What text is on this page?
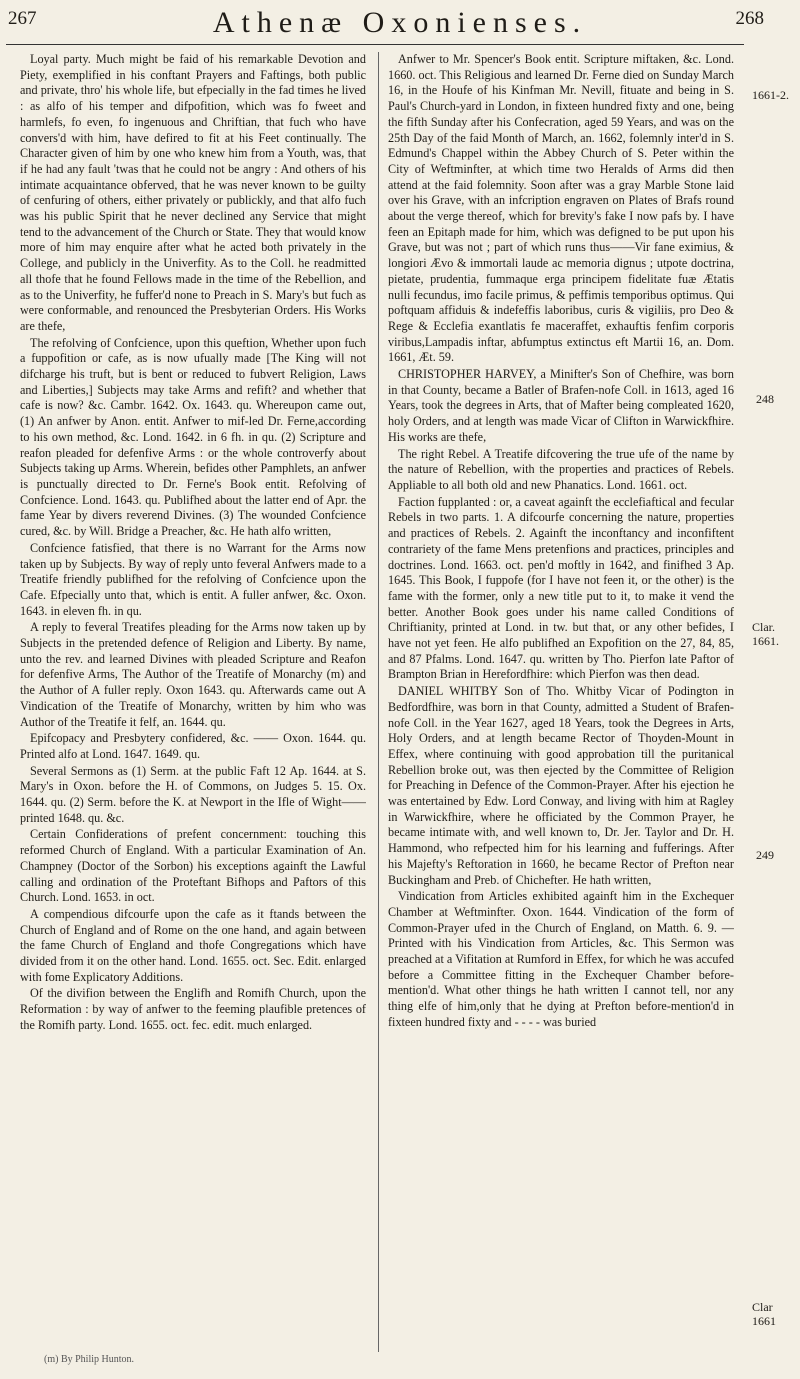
267	Athenæ Oxonienses.	268

Loyal party. Much might be faid of his remarkable Devotion and Piety, exemplified in his conftant Prayers and Faftings, both public and private, thro' his whole life, but efpecially in the fad times he lived : as alfo of his temper and difpofition, which was fo fweet and harmlefs, fo even, fo ingenuous and Chriftian, that fuch who have convers'd with him, have defired to fit at his Feet continually. The Character given of him by one who knew him from a Youth, was, that if he had any fault 'twas that he could not be angry : And others of his intimate acquaintance obferved, that he was never known to be guilty of cenfuring of others, either privately or publickly, and that alfo fuch was his public Spirit that he never declined any Service that might tend to the advancement of the Church or State. They that would know more of him may enquire after what he acted both privately in the College, and publicly in the Univerfity. As to the Coll. he readmitted all thofe that he found Fellows made in the time of the Rebellion, and as to the Univerfity, he fuffer'd none to Preach in S. Mary's but fuch as were conformable, and renounced the Presbyterian Orders. His Works are thefe,

The refolving of Confcience, upon this queftion, Whether upon fuch a fuppofition or cafe, as is now ufually made [The King will not difcharge his truft, but is bent or reduced to fubvert Religion, Laws and Liberties,] Subjects may take Arms and refift? and whether that cafe is now? &c. Cambr. 1642. Ox. 1643. qu. Whereupon came out, (1) An anfwer by Anon. entit. Anfwer to mif-led Dr. Ferne,according to his own method, &c. Lond. 1642. in 6 fh. in qu. (2) Scripture and reafon pleaded for defenfive Arms : or the whole controverfy about Subjects taking up Arms. Wherein, befides other Pamphlets, an anfwer is punctually directed to Dr. Ferne's Book entit. Refolving of Confcience. Lond. 1643. qu. Publifhed about the latter end of Apr. the fame Year by divers reverend Divines. (3) The wounded Confcience cured, &c. by Will. Bridge a Preacher, &c. He hath alfo written,

Confcience fatisfied, that there is no Warrant for the Arms now taken up by Subjects. By way of reply unto feveral Anfwers made to a Treatife friendly publifhed for the refolving of Confcience upon the Cafe. Efpecially unto that, which is entit. A fuller anfwer, &c. Oxon. 1643. in eleven fh. in qu.

A reply to feveral Treatifes pleading for the Arms now taken up by Subjects in the pretended defence of Religion and Liberty. By name, unto the rev. and learned Divines with pleaded Scripture and Reafon for defenfive Arms, The Author of the Treatife of Monarchy (m) and the Author of A fuller reply. Oxon 1643. qu. Afterwards came out A Vindication of the Treatife of Monarchy, written by him who was Author of the Treatife it felf, an. 1644. qu.

Epifcopacy and Presbytery confidered, &c. —— Oxon. 1644. qu. Printed alfo at Lond. 1647. 1649. qu.

Several Sermons as (1) Serm. at the public Faft 12 Ap. 1644. at S. Mary's in Oxon. before the H. of Commons, on Judges 5. 15. Ox. 1644. qu. (2) Serm. before the K. at Newport in the Ifle of Wight——printed 1648. qu. &c.

Certain Confiderations of prefent concernment: touching this reformed Church of England. With a particular Examination of An. Champney (Doctor of the Sorbon) his exceptions againft the Lawful calling and ordination of the Proteftant Bifhops and Paftors of this Church. Lond. 1653. in oct.

A compendious difcourfe upon the cafe as it ftands between the Church of England and of Rome on the one hand, and again between the fame Church of England and thofe Congregations which have divided from it on the other hand. Lond. 1655. oct. Sec. Edit. enlarged with fome Explicatory Additions.

Of the divifion between the Englifh and Romifh Church, upon the Reformation : by way of anfwer to the feeming plaufible pretences of the Romifh party. Lond. 1655. oct. fec. edit. much enlarged.

Anfwer to Mr. Spencer's Book entit. Scripture miftaken, &c. Lond. 1660. oct. This Religious and learned Dr. Ferne died on Sunday March 16, in the Houfe of his Kinfman Mr. Nevill, fituate and being in S. Paul's Church-yard in London, in fixteen hundred fixty and one, being the fifth Sunday after his Confecration, aged 59 Years, and was on the 25th Day of the faid Month of March, an. 1662, folemnly inter'd in S. Edmund's Chappel within the Abbey Church of S. Peter within the City of Weftminfter, at which time two Heralds of Arms did then attend at the faid folemnity. Soon after was a gray Marble Stone laid over his Grave, with an infcription engraven on Plates of Brafs round about the verge thereof, which for brevity's fake I now pafs by. I have feen an Epitaph made for him, which was defigned to be put upon his Grave, but was not ; part of which runs thus——Vir fane eximius, & longiori Ævo & immortali laude ac memoria dignus ; utpote doctrina, pietate, prudentia, fummaque erga principem fidelitate fuæ Ætatis nulli fecundus, imo facile primus, & peffimis temporibus optimus. Qui poftquam affiduis & indefeffis laboribus, curis & vigiliis, pro Deo & Rege & Ecclefia exantlatis fe maceraffet, exhauftis fenfim corporis viribus,Lampadis inftar, abfumptus extinctus eft Martii 16, an. Dom. 1661, Æt. 59.

CHRISTOPHER HARVEY, a Minifter's Son of Chefhire, was born in that County, became a Batler of Brafen-nofe Coll. in 1613, aged 16 Years, took the degrees in Arts, that of Mafter being compleated 1620, holy Orders, and at length was made Vicar of Clifton in Warwickfhire. His works are thefe,

The right Rebel. A Treatife difcovering the true ufe of the name by the nature of Rebellion, with the properties and practices of Rebels. Appliable to all both old and new Phanatics. Lond. 1661. oct.

Faction fupplanted : or, a caveat againft the ecclefiaftical and fecular Rebels in two parts. 1. A difcourfe concerning the nature, properties and practices of Rebels. 2. Againft the inconftancy and inconfiftent contrariety of the fame Mens pretenfions and practices, principles and doctrines. Lond. 1663. oct. pen'd moftly in 1642, and finifhed 3 Ap. 1645. This Book, I fuppofe (for I have not feen it, or the other) is the fame with the former, only a new title put to it, to make it vend the better. Another Book goes under his name called Conditions of Chriftianity, printed at Lond. in tw. but that, or any other befides, I have not yet feen. He alfo publifhed an Expofition on the 27, 84, 85, and 87 Pfalms. Lond. 1647. qu. written by Tho. Pierfon late Paftor of Brampton Brian in Herefordfhire: which Pierfon was then dead.

DANIEL WHITBY Son of Tho. Whitby Vicar of Podington in Bedfordfhire, was born in that County, admitted a Student of Brafen-nofe Coll. in the Year 1627, aged 18 Years, took the Degrees in Arts, Holy Orders, and at length became Rector of Thoyden-Mount in Effex, where continuing with good approbation till the puritanical Rebellion broke out, was then ejected by the Committee of Religion for Preaching in Defence of the Common-Prayer. After his ejection he was entertained by Edw. Lord Conway, and living with him at Ragley in Warwickfhire, where he officiated by the Common Prayer, he became intimate with, and well known to, Dr. Jer. Taylor and Dr. H. Hammond, who refpected him for his learning and fufferings. After his Majefty's Reftoration in 1660, he became Rector of Prefton near Buckingham and Preb. of Chichefter. He hath written,

Vindication from Articles exhibited againft him in the Exchequer Chamber at Weftminfter. Oxon. 1644. Vindication of the form of Common-Prayer ufed in the Church of England, on Matth. 6. 9. — Printed with his Vindication from Articles, &c. This Sermon was preached at a Vifitation at Rumford in Effex, for which he was accufed before a Committee fitting in the Exchequer Chamber before-mention'd. What other things he hath written I cannot tell, nor any thing elfe of him,only that he dying at Prefton before-mention'd in fixteen hundred fixty and - - - - was buried

1661-2.
248
Clar. 1661.
249
Clar 1661
(m) By Philip Hunton.
